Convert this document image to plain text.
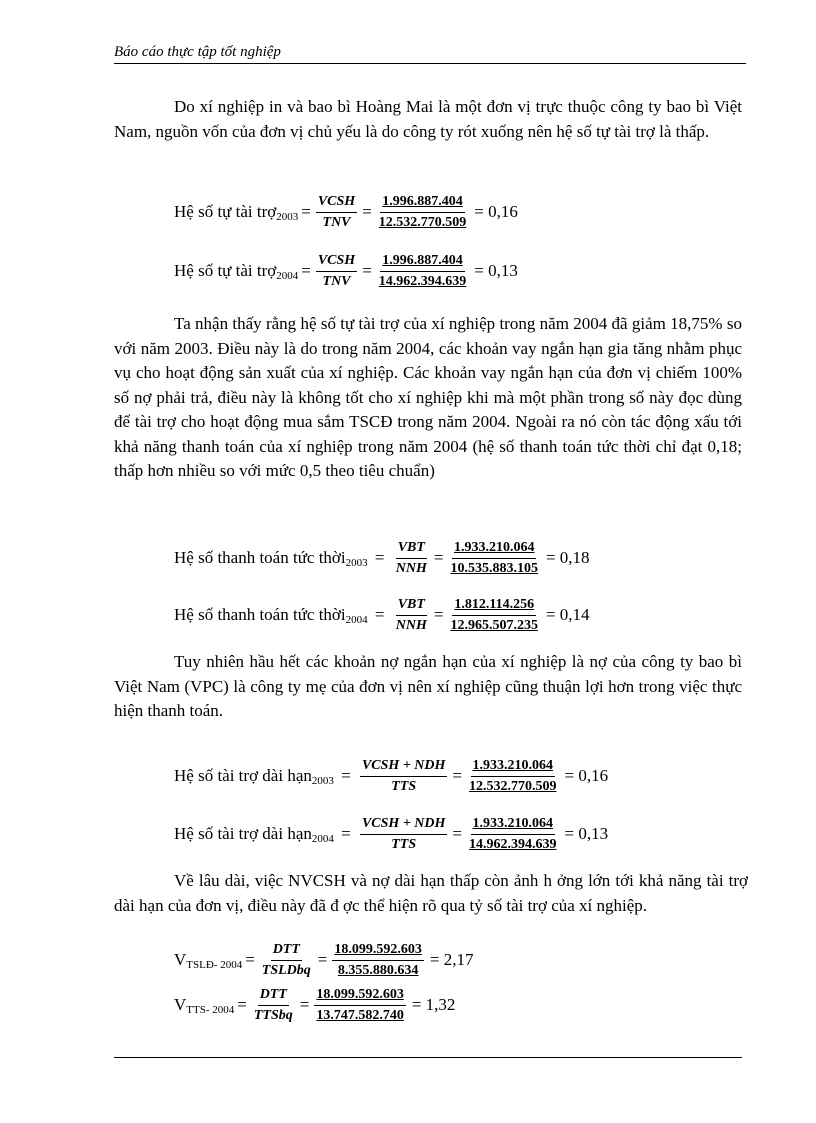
Báo cáo thực tập tốt nghiệp
Do xí nghiệp in và bao bì Hoàng Mai là một đơn vị trực thuộc công ty bao bì Việt Nam, nguồn vốn của đơn vị chủ yếu là do công ty rót xuống nên hệ số tự tài trợ là thấp.
Hệ số tự tài trợ$_{2003}$ = $\frac{\text{VCSH}}{\text{TNV}} = \frac{1.996.887.404}{12.532.770.509} = 0,16$
Hệ số tự tài trợ$_{2004}$ = $\frac{\text{VCSH}}{\text{TNV}} = \frac{1.996.887.404}{14.962.394.639} = 0,13$
Ta nhận thấy rằng hệ số tự tài trợ của xí nghiệp trong năm 2004 đã giảm 18,75% so với năm 2003. Điều này là do trong năm 2004, các khoản vay ngắn hạn gia tăng nhằm phục vụ cho hoạt động sản xuất của xí nghiệp. Các khoản vay ngắn hạn của đơn vị chiếm 100% số nợ phải trả, điều này là không tốt cho xí nghiệp khi mà một phần trong số này đọc dùng để tài trợ cho hoạt động mua sắm TSCĐ trong năm 2004. Ngoài ra nó còn tác động xấu tới khả năng thanh toán của xí nghiệp trong năm 2004 (hệ số thanh toán tức thời chỉ đạt 0,18; thấp hơn nhiều so với mức 0,5 theo tiêu chuẩn)
Hệ số thanh toán tức thời$_{2003}$ = $\frac{\text{VBT}}{\text{NNH}} = \frac{1.933.210.064}{10.535.883.105} = 0,18$
Hệ số thanh toán tức thời$_{2004}$ = $\frac{\text{VBT}}{\text{NNH}} = \frac{1.812.114.256}{12.965.507.235} = 0,14$
Tuy nhiên hầu hết các khoản nợ ngắn hạn của xí nghiệp là nợ của công ty bao bì Việt Nam (VPC) là công ty mẹ của đơn vị nên xí nghiệp cũng thuận lợi hơn trong việc thực hiện thanh toán.
Hệ số tài trợ dài hạn$_{2003}$ = $\frac{\text{VCSH + NDH}}{\text{TTS}} = \frac{1.933.210.064}{12.532.770.509} = 0,16$
Hệ số tài trợ dài hạn$_{2004}$ = $\frac{\text{VCSH + NDH}}{\text{TTS}} = \frac{1.933.210.064}{14.962.394.639} = 0,13$
Về lâu dài, việc NVCSH và nợ dài hạn thấp còn ảnh h ởng lớn tới khả năng tài trợ dài hạn của đơn vị, điều này đã đ ợc thể hiện rõ qua tỷ số tài trợ của xí nghiệp.
$V_{TSLĐ- 2004} = \frac{\text{DTT}}{\text{TSLDbq}} = \frac{18.099.592.603}{8.355.880.634} = 2,17$
$V_{TTS- 2004} = \frac{\text{DTT}}{\text{TTSbq}} = \frac{18.099.592.603}{13.747.582.740} = 1,32$
